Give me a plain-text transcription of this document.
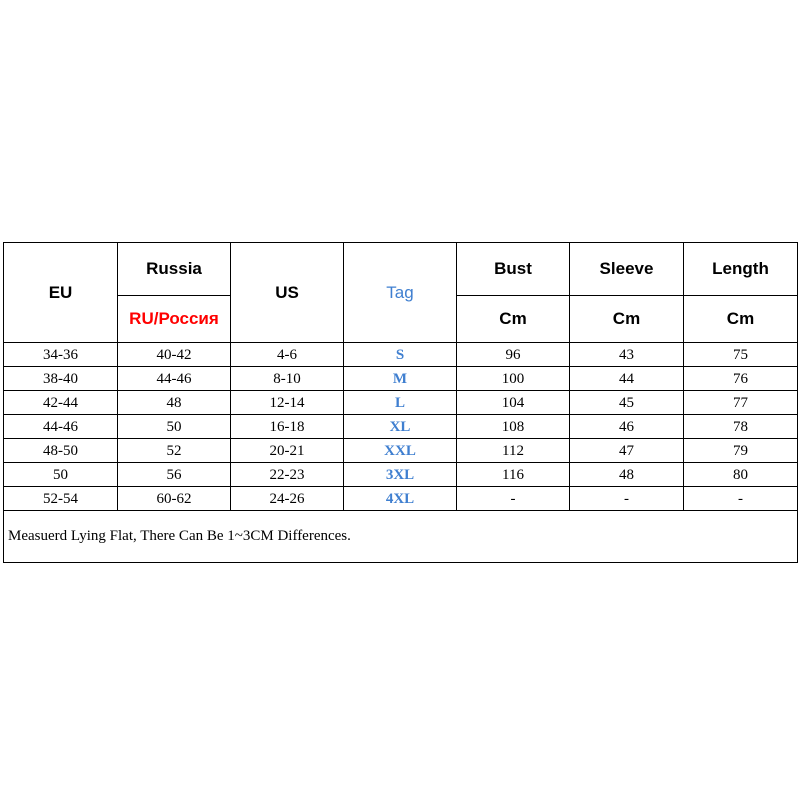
EU	Russia	US	Tag	Bust	Sleeve	Length
	RU/Россия			Cm	Cm	Cm
34-36	40-42	4-6	S	96	43	75
38-40	44-46	8-10	M	100	44	76
42-44	48	12-14	L	104	45	77
44-46	50	16-18	XL	108	46	78
48-50	52	20-21	XXL	112	47	79
50	56	22-23	3XL	116	48	80
52-54	60-62	24-26	4XL	-	-	-
Measuerd Lying Flat, There Can Be 1~3CM Differences.						
